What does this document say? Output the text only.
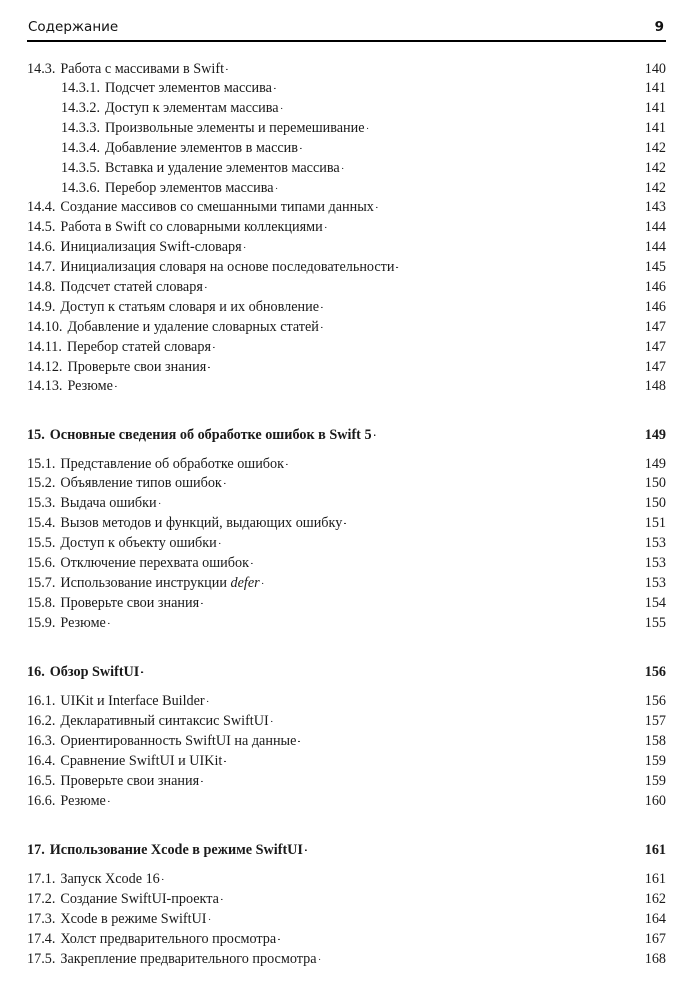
Содержание	9
14.3. Работа с массивами в Swift . . .	140
14.3.1. Подсчет элементов массива . . .	141
14.3.2. Доступ к элементам массива . . .	141
14.3.3. Произвольные элементы и перемешивание . . .	141
14.3.4. Добавление элементов в массив . . .	142
14.3.5. Вставка и удаление элементов массива . . .	142
14.3.6. Перебор элементов массива . . .	142
14.4. Создание массивов со смешанными типами данных . . .	143
14.5. Работа в Swift со словарными коллекциями . . .	144
14.6. Инициализация Swift-словаря . . .	144
14.7. Инициализация словаря на основе последовательности . . .	145
14.8. Подсчет статей словаря . . .	146
14.9. Доступ к статьям словаря и их обновление . . .	146
14.10. Добавление и удаление словарных статей . . .	147
14.11. Перебор статей словаря . . .	147
14.12. Проверьте свои знания . . .	147
14.13. Резюме . . .	148
15. Основные сведения об обработке ошибок в Swift 5 . . .	149
15.1. Представление об обработке ошибок . . .	149
15.2. Объявление типов ошибок . . .	150
15.3. Выдача ошибки . . .	150
15.4. Вызов методов и функций, выдающих ошибку . . .	151
15.5. Доступ к объекту ошибки . . .	153
15.6. Отключение перехвата ошибок . . .	153
15.7. Использование инструкции defer . . .	153
15.8. Проверьте свои знания . . .	154
15.9. Резюме . . .	155
16. Обзор SwiftUI . . .	156
16.1. UIKit и Interface Builder . . .	156
16.2. Декларативный синтаксис SwiftUI . . .	157
16.3. Ориентированность SwiftUI на данные . . .	158
16.4. Сравнение SwiftUI и UIKit . . .	159
16.5. Проверьте свои знания . . .	159
16.6. Резюме . . .	160
17. Использование Xcode в режиме SwiftUI . . .	161
17.1. Запуск Xcode 16 . . .	161
17.2. Создание SwiftUI-проекта . . .	162
17.3. Xcode в режиме SwiftUI . . .	164
17.4. Холст предварительного просмотра . . .	167
17.5. Закрепление предварительного просмотра . . .	168
